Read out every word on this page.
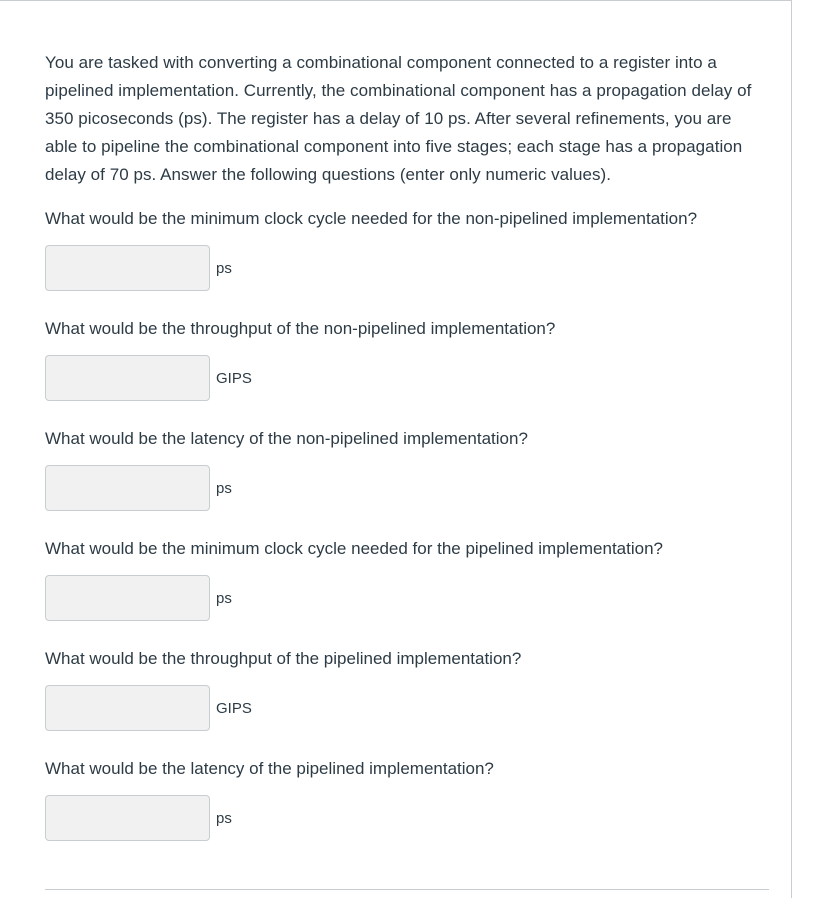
You are tasked with converting a combinational component connected to a register into a pipelined implementation. Currently, the combinational component has a propagation delay of 350 picoseconds (ps). The register has a delay of 10 ps. After several refinements, you are able to pipeline the combinational component into five stages; each stage has a propagation delay of 70 ps. Answer the following questions (enter only numeric values).

What would be the minimum clock cycle needed for the non-pipelined implementation?

ps

What would be the throughput of the non-pipelined implementation?

GIPS

What would be the latency of the non-pipelined implementation?

ps

What would be the minimum clock cycle needed for the pipelined implementation?

ps

What would be the throughput of the pipelined implementation?

GIPS

What would be the latency of the pipelined implementation?

ps
